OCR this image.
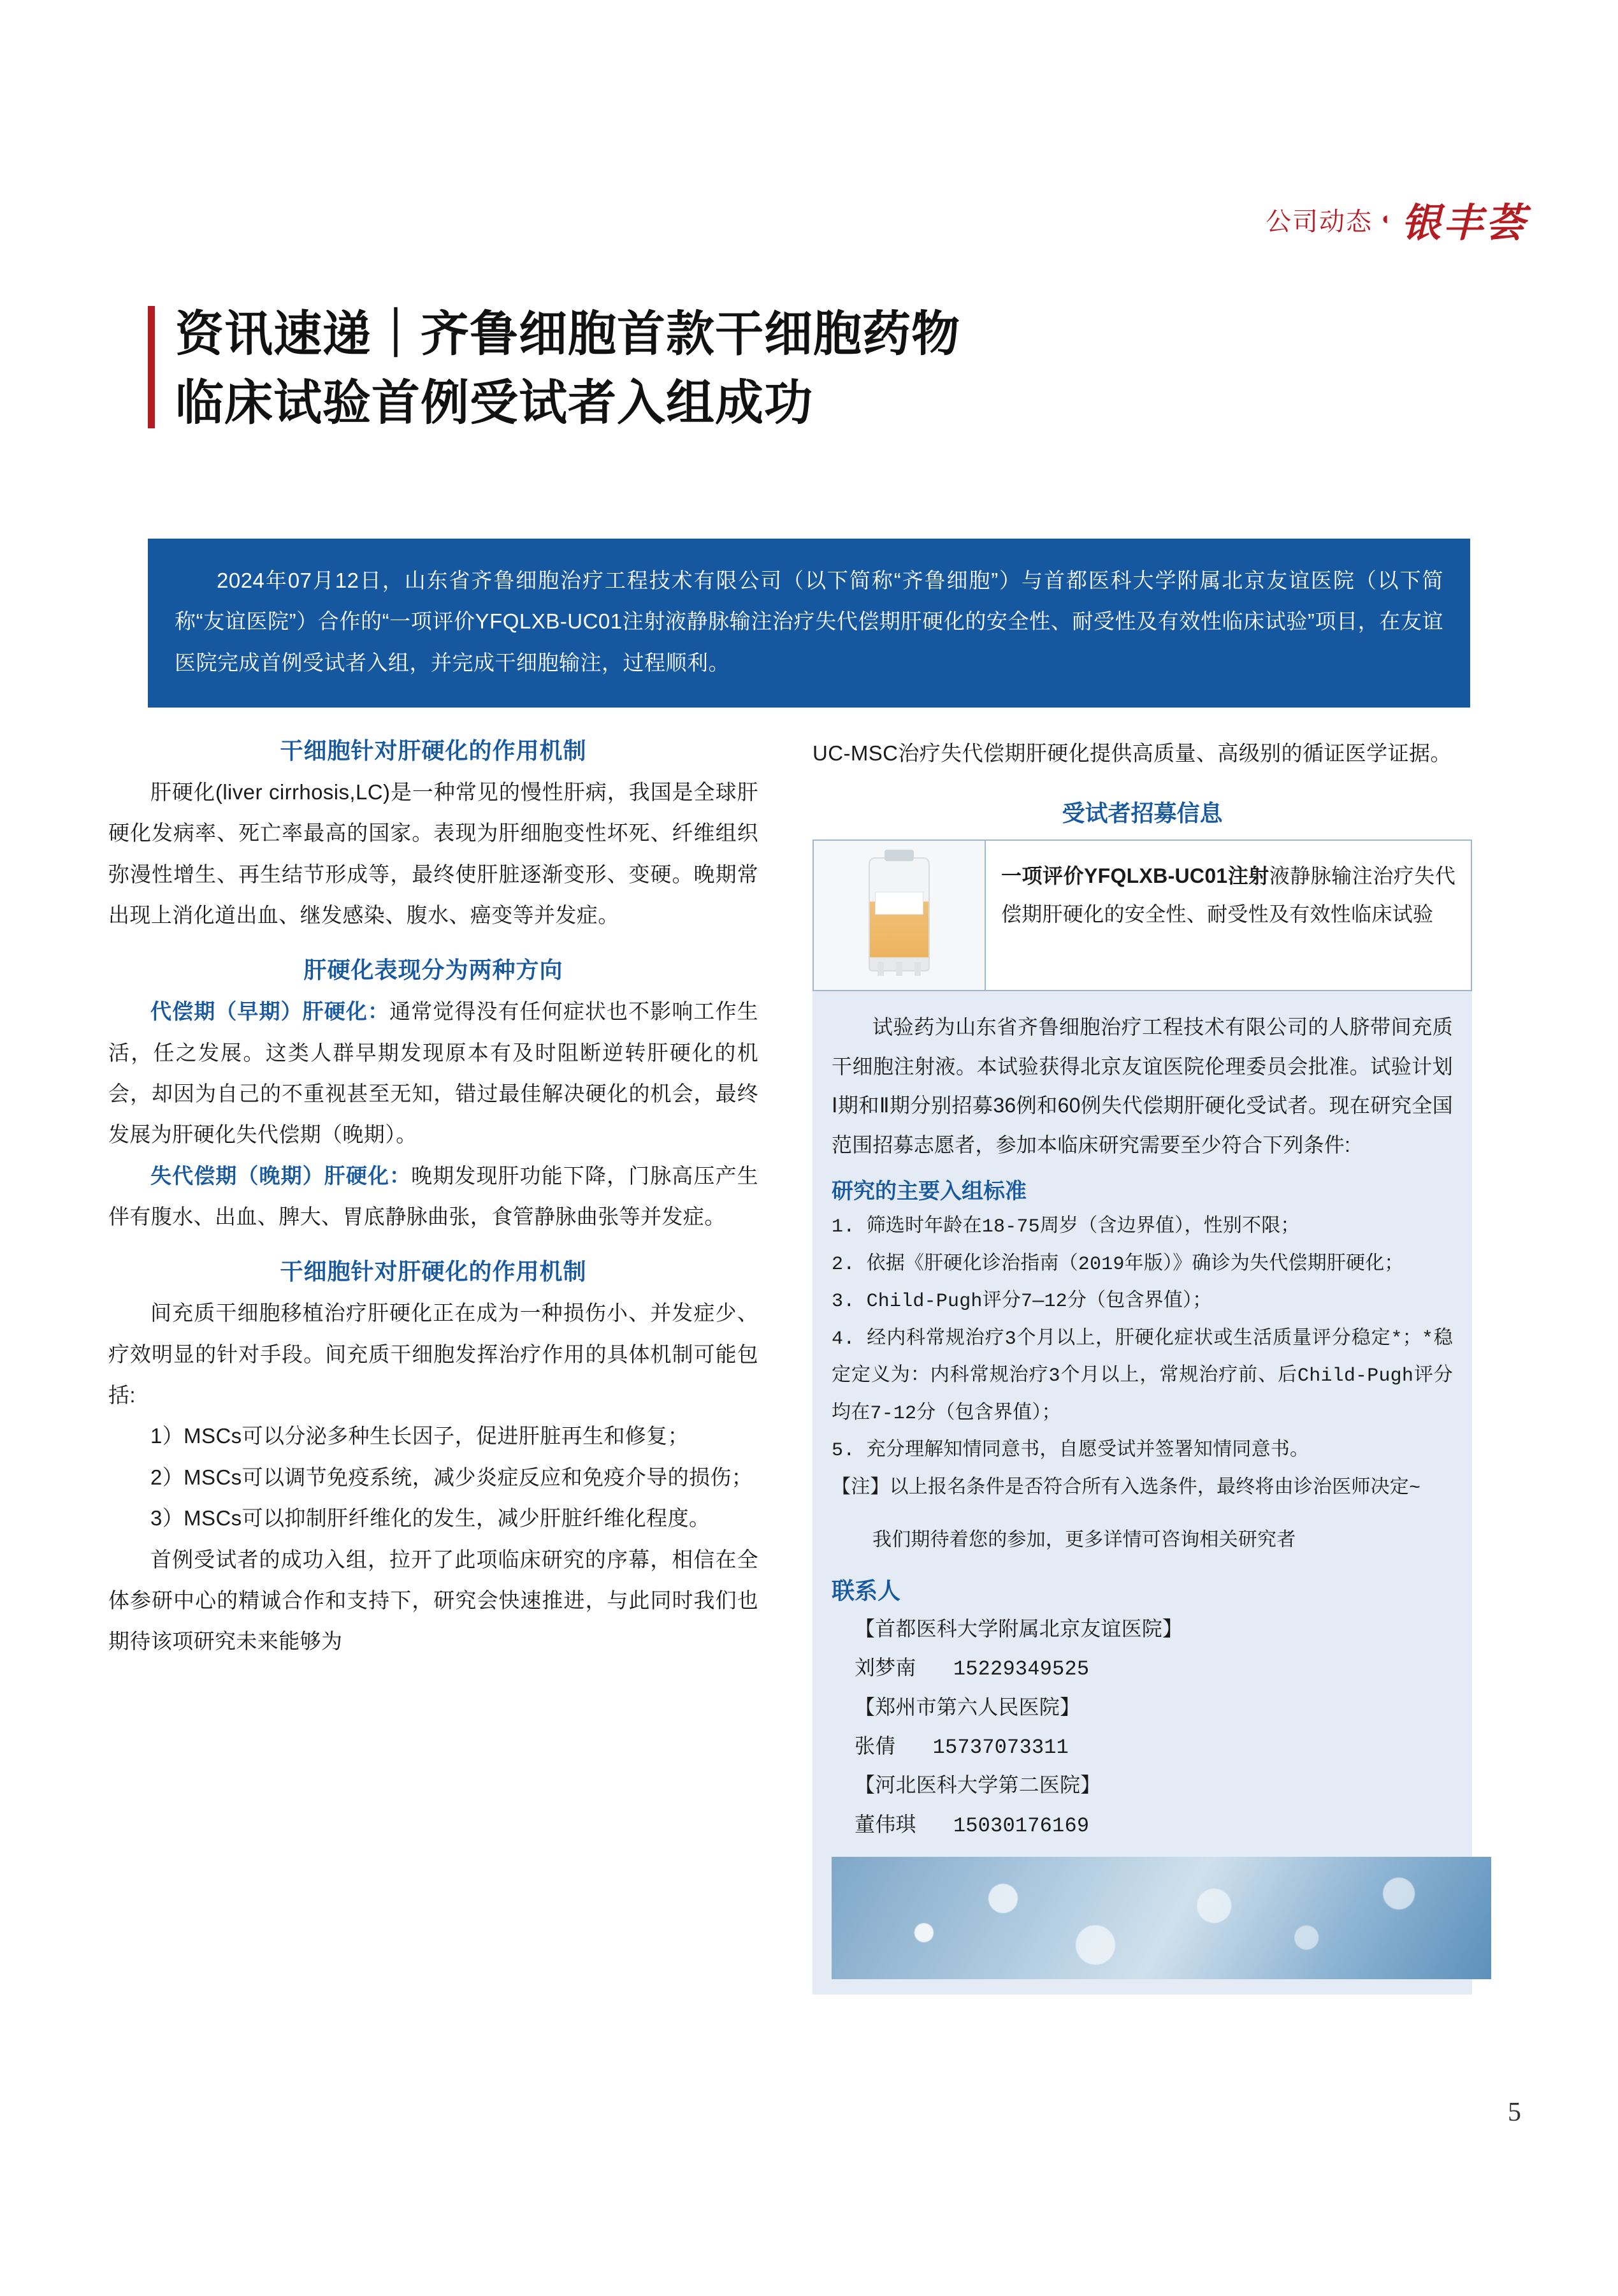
公司动态 ◐ 银丰荟
资讯速递｜齐鲁细胞首款干细胞药物
临床试验首例受试者入组成功

2024年07月12日，山东省齐鲁细胞治疗工程技术有限公司（以下简称“齐鲁细胞”）与首都医科大学附属北京友谊医院（以下简称“友谊医院”）合作的“一项评价YFQLXB-UC01注射液静脉输注治疗失代偿期肝硬化的安全性、耐受性及有效性临床试验”项目，在友谊医院完成首例受试者入组，并完成干细胞输注，过程顺利。

干细胞针对肝硬化的作用机制

肝硬化(liver cirrhosis,LC)是一种常见的慢性肝病，我国是全球肝硬化发病率、死亡率最高的国家。表现为肝细胞变性坏死、纤维组织弥漫性增生、再生结节形成等，最终使肝脏逐渐变形、变硬。晚期常出现上消化道出血、继发感染、腹水、癌变等并发症。

肝硬化表现分为两种方向

代偿期（早期）肝硬化：通常觉得没有任何症状也不影响工作生活，任之发展。这类人群早期发现原本有及时阻断逆转肝硬化的机会，却因为自己的不重视甚至无知，错过最佳解决硬化的机会，最终发展为肝硬化失代偿期（晚期）。

失代偿期（晚期）肝硬化：晚期发现肝功能下降，门脉高压产生伴有腹水、出血、脾大、胃底静脉曲张，食管静脉曲张等并发症。

干细胞针对肝硬化的作用机制

间充质干细胞移植治疗肝硬化正在成为一种损伤小、并发症少、疗效明显的针对手段。间充质干细胞发挥治疗作用的具体机制可能包括:

1）MSCs可以分泌多种生长因子，促进肝脏再生和修复；

2）MSCs可以调节免疫系统，减少炎症反应和免疫介导的损伤；

3）MSCs可以抑制肝纤维化的发生，减少肝脏纤维化程度。

首例受试者的成功入组，拉开了此项临床研究的序幕，相信在全体参研中心的精诚合作和支持下，研究会快速推进，与此同时我们也期待该项研究未来能够为

UC-MSC治疗失代偿期肝硬化提供高质量、高级别的循证医学证据。

受试者招募信息
一项评价YFQLXB-UC01注射液静脉输注治疗失代偿期肝硬化的安全性、耐受性及有效性临床试验

试验药为山东省齐鲁细胞治疗工程技术有限公司的人脐带间充质干细胞注射液。本试验获得北京友谊医院伦理委员会批准。试验计划Ⅰ期和Ⅱ期分别招募36例和60例失代偿期肝硬化受试者。现在研究全国范围招募志愿者，参加本临床研究需要至少符合下列条件:

研究的主要入组标准

1. 筛选时年龄在18-75周岁（含边界值），性别不限；

2. 依据《肝硬化诊治指南（2019年版）》确诊为失代偿期肝硬化；

3. Child-Pugh评分7—12分（包含界值）；

4. 经内科常规治疗3个月以上，肝硬化症状或生活质量评分稳定*；*稳定定义为：内科常规治疗3个月以上，常规治疗前、后Child-Pugh评分均在7-12分（包含界值）；

5. 充分理解知情同意书，自愿受试并签署知情同意书。

【注】以上报名条件是否符合所有入选条件，最终将由诊治医师决定~

我们期待着您的参加，更多详情可咨询相关研究者

联系人

【首都医科大学附属北京友谊医院】

刘梦南 15229349525

【郑州市第六人民医院】

张倩 15737073311

【河北医科大学第二医院】

董伟琪 15030176169

5
